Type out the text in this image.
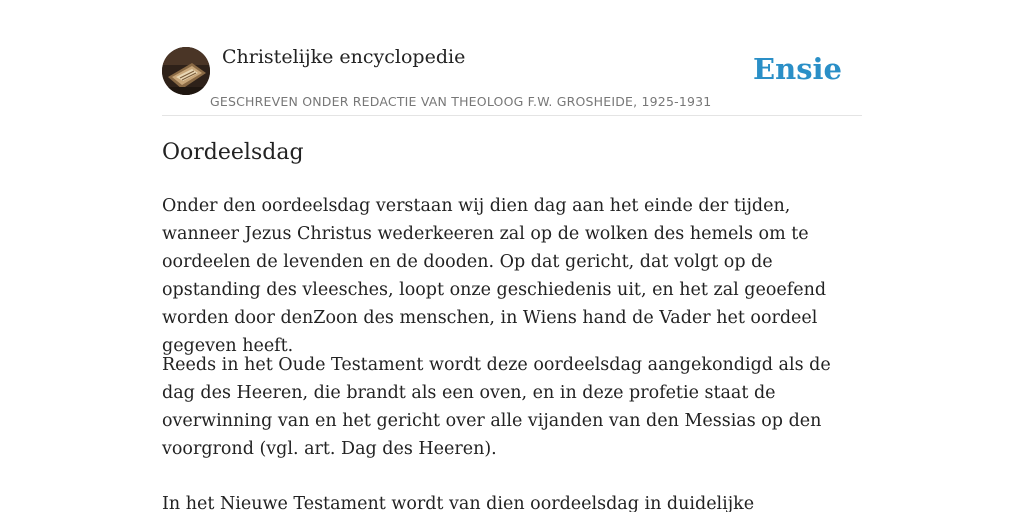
Christelijke encyclopedie
GESCHREVEN ONDER REDACTIE VAN THEOLOOG F.W. GROSHEIDE, 1925-1931
Ensie
Oordeelsdag

Onder den oordeelsdag verstaan wij dien dag aan het einde der tijden, wanneer Jezus Christus wederkeeren zal op de wolken des hemels om te oordeelen de levenden en de dooden. Op dat gericht, dat volgt op de opstanding des vleesches, loopt onze geschiedenis uit, en het zal geoefend worden door denZoon des menschen, in Wiens hand de Vader het oordeel gegeven heeft.

Reeds in het Oude Testament wordt deze oordeelsdag aangekondigd als de dag des Heeren, die brandt als een oven, en in deze profetie staat de overwinning van en het gericht over alle vijanden van den Messias op den voorgrond (vgl. art. Dag des Heeren).

In het Nieuwe Testament wordt van dien oordeelsdag in duidelijke
